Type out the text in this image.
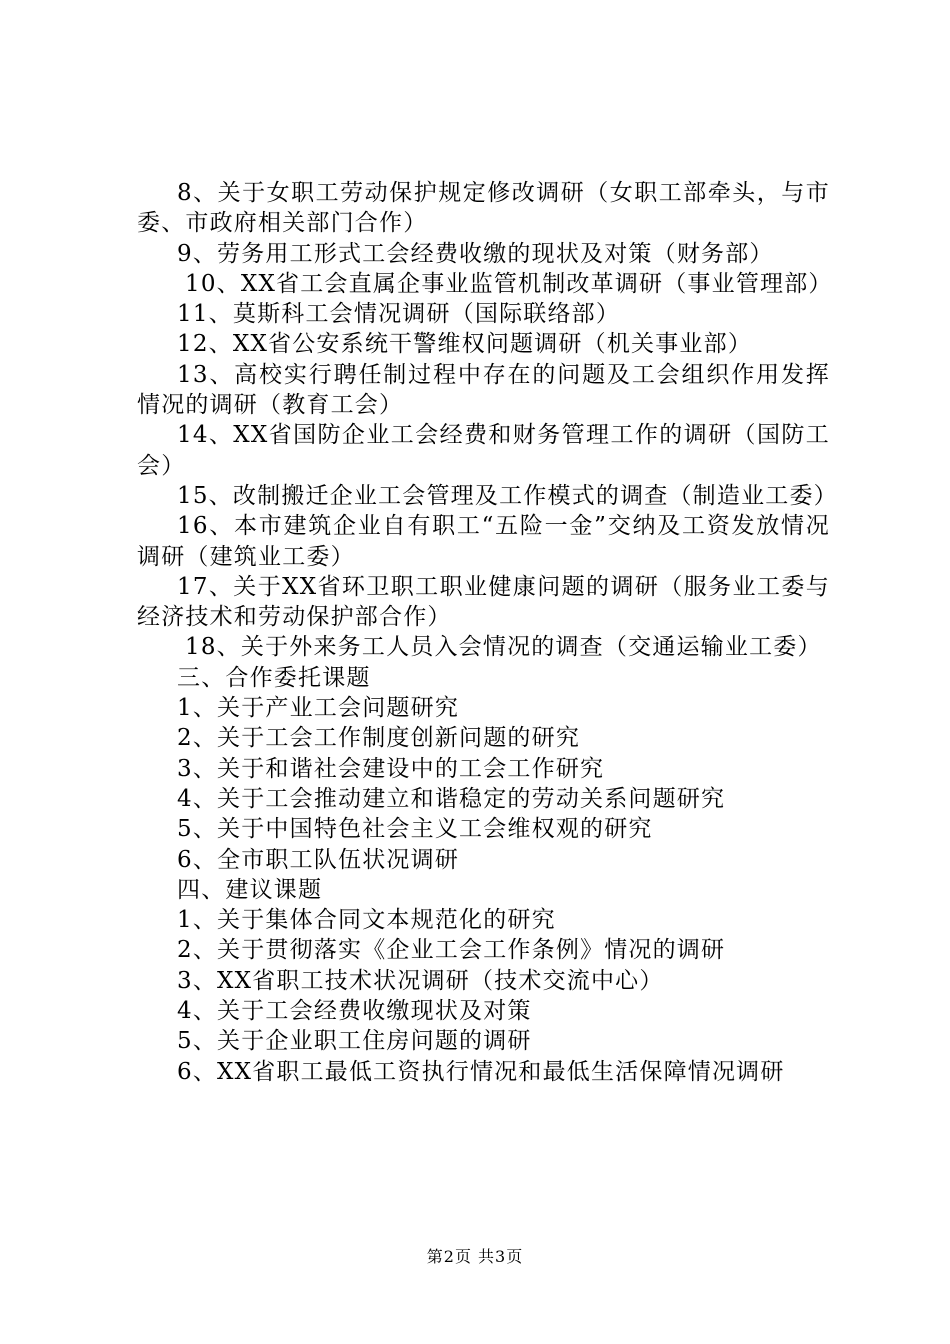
8、关于女职工劳动保护规定修改调研（女职工部牵头，与市委、市政府相关部门合作）

9、劳务用工形式工会经费收缴的现状及对策（财务部）

10、XX省工会直属企事业监管机制改革调研（事业管理部）

11、莫斯科工会情况调研（国际联络部）

12、XX省公安系统干警维权问题调研（机关事业部）

13、高校实行聘任制过程中存在的问题及工会组织作用发挥情况的调研（教育工会）

14、XX省国防企业工会经费和财务管理工作的调研（国防工会）

15、改制搬迁企业工会管理及工作模式的调查（制造业工委）

16、本市建筑企业自有职工“五险一金”交纳及工资发放情况调研（建筑业工委）

17、关于XX省环卫职工职业健康问题的调研（服务业工委与经济技术和劳动保护部合作）

18、关于外来务工人员入会情况的调查（交通运输业工委）

三、合作委托课题

1、关于产业工会问题研究

2、关于工会工作制度创新问题的研究

3、关于和谐社会建设中的工会工作研究

4、关于工会推动建立和谐稳定的劳动关系问题研究

5、关于中国特色社会主义工会维权观的研究

6、全市职工队伍状况调研

四、建议课题

1、关于集体合同文本规范化的研究

2、关于贯彻落实《企业工会工作条例》情况的调研

3、XX省职工技术状况调研（技术交流中心）

4、关于工会经费收缴现状及对策

5、关于企业职工住房问题的调研

6、XX省职工最低工资执行情况和最低生活保障情况调研

第2页 共3页
